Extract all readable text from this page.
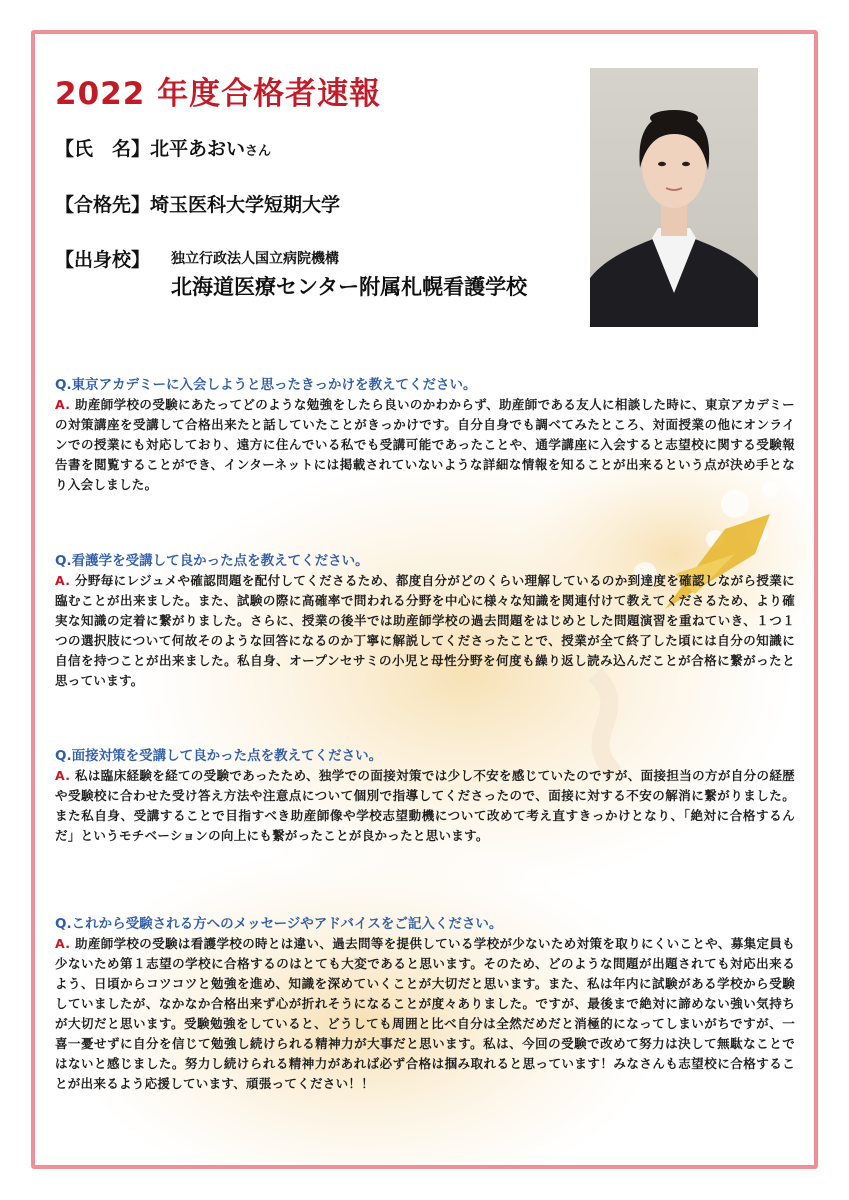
2022 年度合格者速報
【氏　名】北平あおいさん
【合格先】埼玉医科大学短期大学
【出身校】 独立行政法人国立病院機構
北海道医療センター附属札幌看護学校

Q.東京アカデミーに入会しようと思ったきっかけを教えてください。

A. 助産師学校の受験にあたってどのような勉強をしたら良いのかわからず、助産師である友人に相談した時に、東京アカデミーの対策講座を受講して合格出来たと話していたことがきっかけです。自分自身でも調べてみたところ、対面授業の他にオンラインでの授業にも対応しており、遠方に住んでいる私でも受講可能であったことや、通学講座に入会すると志望校に関する受験報告書を閲覧することができ、インターネットには掲載されていないような詳細な情報を知ることが出来るという点が決め手となり入会しました。

Q.看護学を受講して良かった点を教えてください。

A. 分野毎にレジュメや確認問題を配付してくださるため、都度自分がどのくらい理解しているのか到達度を確認しながら授業に臨むことが出来ました。また、試験の際に高確率で問われる分野を中心に様々な知識を関連付けて教えてくださるため、より確実な知識の定着に繋がりました。さらに、授業の後半では助産師学校の過去問題をはじめとした問題演習を重ねていき、１つ１つの選択肢について何故そのような回答になるのか丁寧に解説してくださったことで、授業が全て終了した頃には自分の知識に自信を持つことが出来ました。私自身、オープンセサミの小児と母性分野を何度も繰り返し読み込んだことが合格に繋がったと思っています。

Q.面接対策を受講して良かった点を教えてください。

A. 私は臨床経験を経ての受験であったため、独学での面接対策では少し不安を感じていたのですが、面接担当の方が自分の経歴や受験校に合わせた受け答え方法や注意点について個別で指導してくださったので、面接に対する不安の解消に繋がりました。また私自身、受講することで目指すべき助産師像や学校志望動機について改めて考え直すきっかけとなり、「絶対に合格するんだ」というモチベーションの向上にも繋がったことが良かったと思います。

Q.これから受験される方へのメッセージやアドバイスをご記入ください。

A. 助産師学校の受験は看護学校の時とは違い、過去問等を提供している学校が少ないため対策を取りにくいことや、募集定員も少ないため第１志望の学校に合格するのはとても大変であると思います。そのため、どのような問題が出題されても対応出来るよう、日頃からコツコツと勉強を進め、知識を深めていくことが大切だと思います。また、私は年内に試験がある学校から受験していましたが、なかなか合格出来ず心が折れそうになることが度々ありました。ですが、最後まで絶対に諦めない強い気持ちが大切だと思います。受験勉強をしていると、どうしても周囲と比べ自分は全然だめだと消極的になってしまいがちですが、一喜一憂せずに自分を信じて勉強し続けられる精神力が大事だと思います。私は、今回の受験で改めて努力は決して無駄なことではないと感じました。努力し続けられる精神力があれば必ず合格は掴み取れると思っています！みなさんも志望校に合格することが出来るよう応援しています、頑張ってください！！
